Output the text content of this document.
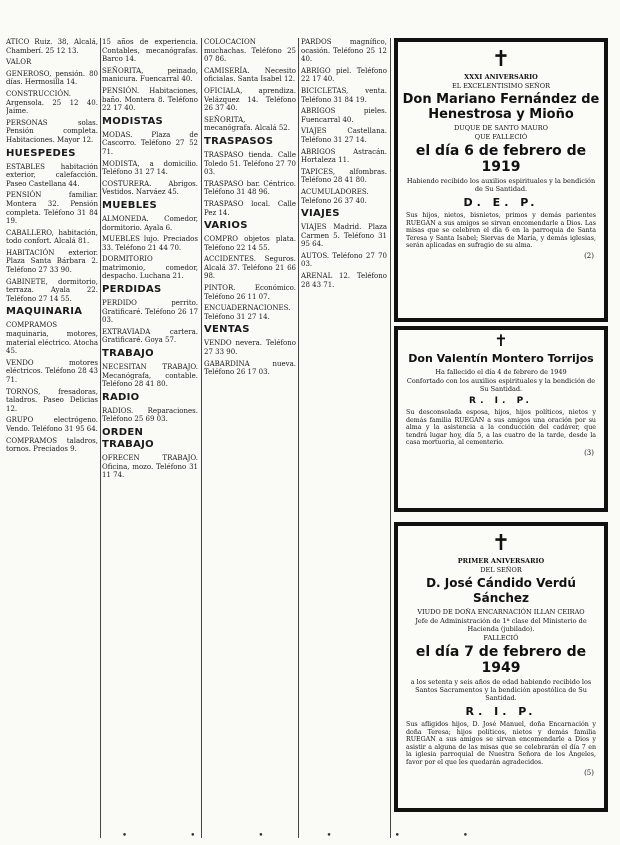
ATICO Ruiz. 38, Alcalá, Chamberí. 25 12 13.
VALOR
GENEROSO, pensión. 80 días. Hermosilla 14.
CONSTRUCCIÓN. Argensola. 25 12 40. Jaime.
PERSONAS solas. Pensión completa. Habitaciones. Mayor 12.
HUESPEDES
ESTABLES habitación exterior, calefacción. Paseo Castellana 44.
PENSIÓN familiar. Montera 32. Pensión completa. Teléfono 31 84 19.
CABALLERO, habitación, todo confort. Alcalá 81.
HABITACIÓN exterior. Plaza Santa Bárbara 2. Teléfono 27 33 90.
GABINETE, dormitorio, terraza. Ayala 22. Teléfono 27 14 55.
MAQUINARIA
COMPRAMOS maquinaria, motores, material eléctrico. Atocha 45.
VENDO motores eléctricos. Teléfono 28 43 71.
TORNOS, fresadoras, taladros. Paseo Delicias 12.
GRUPO electrógeno. Vendo. Teléfono 31 95 64.
COMPRAMOS taladros, tornos. Preciados 9.
15 años de experiencia. Contables, mecanógrafas. Barco 14.
SEÑORITA, peinado, manicura. Fuencarral 40.
PENSIÓN. Habitaciones, baño. Montera 8. Teléfono 22 17 40.
MODISTAS
MODAS. Plaza de Cascorro. Teléfono 27 52 71.
MODISTA, a domicilio. Teléfono 31 27 14.
COSTURERA. Abrigos. Vestidos. Narváez 45.
MUEBLES
ALMONEDA. Comedor, dormitorio. Ayala 6.
MUEBLES lujo. Preciados 33. Teléfono 21 44 70.
DORMITORIO matrimonio, comedor, despacho. Luchana 21.
PERDIDAS
PERDIDO perrito. Gratificaré. Teléfono 26 17 03.
EXTRAVIADA cartera. Gratificaré. Goya 57.
TRABAJO
NECESITAN TRABAJO. Mecanógrafa, contable. Teléfono 28 41 80.
RADIO
RADIOS. Reparaciones. Teléfono 25 69 03.
ORDEN TRABAJO
OFRECEN TRABAJO. Oficina, mozo. Teléfono 31 11 74.
COLOCACIÓN muchachas. Teléfono 25 07 86.
CAMISERÍA. Necesito oficialas. Santa Isabel 12.
OFICIALA, aprendiza. Velázquez 14. Teléfono 26 37 40.
SEÑORITA, mecanógrafa. Alcalá 52.
TRASPASOS
TRASPASO tienda. Calle Toledo 51. Teléfono 27 70 03.
TRASPASO bar. Céntrico. Teléfono 31 48 96.
TRASPASO local. Calle Pez 14.
VARIOS
COMPRO objetos plata. Teléfono 22 14 55.
ACCIDENTES. Seguros. Alcalá 37. Teléfono 21 66 98.
PINTOR. Económico. Teléfono 26 11 07.
ENCUADERNACIONES. Teléfono 31 27 14.
VENTAS
VENDO nevera. Teléfono 27 33 90.
GABARDINA nueva. Teléfono 26 17 03.
PARDOS magnífico, ocasión. Teléfono 25 12 40.
ABRIGO piel. Teléfono 22 17 40.
BICICLETAS, venta. Teléfono 31 84 19.
ABRIGOS pieles. Fuencarral 40.
VIAJES Castellana. Teléfono 31 27 14.
ABRIGOS Astracán. Hortaleza 11.
TAPICES, alfombras. Teléfono 28 41 80.
ACUMULADORES. Teléfono 26 37 40.
VIAJES
VIAJES Madrid. Plaza Carmen 5. Teléfono 31 95 64.
AUTOS. Teléfono 27 70 03.
ARENAL 12. Teléfono 28 43 71.
✝
XXXI ANIVERSARIO
EL EXCELENTISIMO SEÑOR
Don Mariano Fernández de Henestrosa y Mioño
DUQUE DE SANTO MAURO
QUE FALLECIÓ
el día 6 de febrero de 1919
Habiendo recibido los auxilios espirituales y la bendición de Su Santidad.
D. E. P.
Sus hijos, nietos, bisnietos, primos y demás parientes RUEGAN a sus amigos se sirvan encomendarle a Dios. Las misas que se celebren el día 6 en la parroquia de Santa Teresa y Santa Isabel; Siervas de María, y demás iglesias, serán aplicadas en sufragio de su alma.
(2)
✝
Don Valentín Montero Torrijos
Ha fallecido el día 4 de febrero de 1949
Confortado con los auxilios espirituales y la bendición de Su Santidad.
R. I. P.
Su desconsolada esposa, hijos, hijos políticos, nietos y demás familia RUEGAN a sus amigos una oración por su alma y la asistencia a la conducción del cadáver, que tendrá lugar hoy, día 5, a las cuatro de la tarde, desde la casa mortuoria, al cementerio.
(3)
✝
PRIMER ANIVERSARIO
DEL SEÑOR
D. José Cándido Verdú Sánchez
VIUDO DE DOÑA ENCARNACIÓN ILLAN CEIRAO
Jefe de Administración de 1ª clase del Ministerio de Hacienda (jubilado).
FALLECIÓ
el día 7 de febrero de 1949
a los setenta y seis años de edad habiendo recibido los Santos Sacramentos y la bendición apostólica de Su Santidad.
R. I. P.
Sus afligidos hijos, D. José Manuel, doña Encarnación y doña Teresa; hijos políticos, nietos y demás familia RUEGAN a sus amigos se sirvan encomendarle a Dios y asistir a alguna de las misas que se celebrarán el día 7 en la iglesia parroquial de Nuestra Señora de los Ángeles, favor por el que les quedarán agradecidos.
(5)
• • • • • •
